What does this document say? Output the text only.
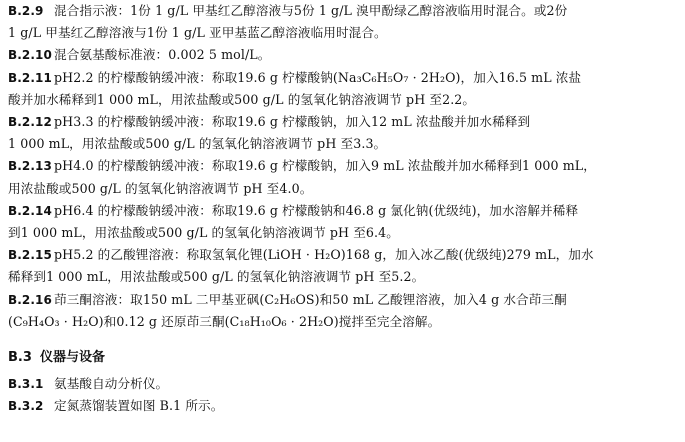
B.2.9 混合指示液：1份 1 g/L 甲基红乙醇溶液与5份 1 g/L 溴甲酚绿乙醇溶液临用时混合。或2份
1 g/L 甲基红乙醇溶液与1份 1 g/L 亚甲基蓝乙醇溶液临用时混合。
B.2.10 混合氨基酸标准液：0.002 5 mol/L。
B.2.11 pH2.2 的柠檬酸钠缓冲液：称取19.6 g 柠檬酸钠(Na₃C₆H₅O₇ · 2H₂O)，加入16.5 mL 浓盐
酸并加水稀释到1 000 mL，用浓盐酸或500 g/L 的氢氧化钠溶液调节 pH 至2.2。
B.2.12 pH3.3 的柠檬酸钠缓冲液：称取19.6 g 柠檬酸钠，加入12 mL 浓盐酸并加水稀释到
1 000 mL，用浓盐酸或500 g/L 的氢氧化钠溶液调节 pH 至3.3。
B.2.13 pH4.0 的柠檬酸钠缓冲液：称取19.6 g 柠檬酸钠，加入9 mL 浓盐酸并加水稀释到1 000 mL，
用浓盐酸或500 g/L 的氢氧化钠溶液调节 pH 至4.0。
B.2.14 pH6.4 的柠檬酸钠缓冲液：称取19.6 g 柠檬酸钠和46.8 g 氯化钠(优级纯)，加水溶解并稀释
到1 000 mL，用浓盐酸或500 g/L 的氢氧化钠溶液调节 pH 至6.4。
B.2.15 pH5.2 的乙酸锂溶液：称取氢氧化锂(LiOH · H₂O)168 g，加入冰乙酸(优级纯)279 mL，加水
稀释到1 000 mL，用浓盐酸或500 g/L 的氢氧化钠溶液调节 pH 至5.2。
B.2.16 茚三酮溶液：取150 mL 二甲基亚砜(C₂H₆OS)和50 mL 乙酸锂溶液，加入4 g 水合茚三酮
(C₉H₄O₃ · H₂O)和0.12 g 还原茚三酮(C₁₈H₁₀O₆ · 2H₂O)搅拌至完全溶解。
B.3 仪器与设备
B.3.1 氨基酸自动分析仪。
B.3.2 定氮蒸馏装置如图 B.1 所示。
